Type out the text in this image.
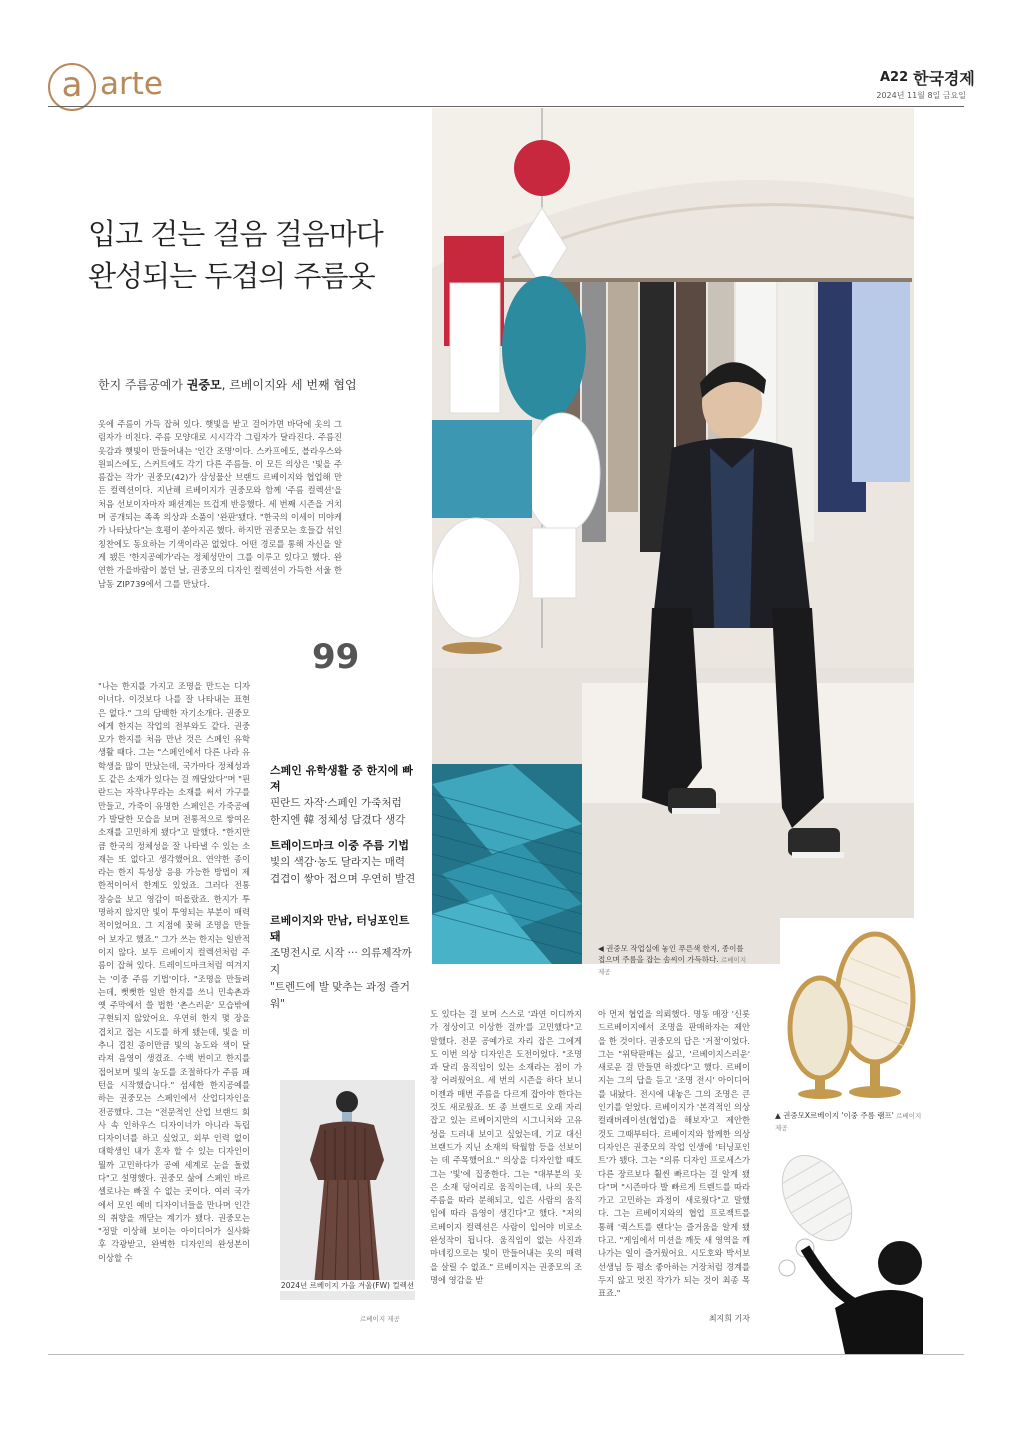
a arte	A22 한국경제
2024년 11월 8일 금요일
입고 걷는 걸음 걸음마다
완성되는 두겹의 주름옷
한지 주름공예가 권중모, 르베이지와 세 번째 협업
옷에 주름이 가득 잡혀 있다. 햇빛을 받고 걸어가면 바닥에 옷의 그림자가 비친다. 주름 모양대로 시시각각 그림자가 달라진다. 주름진 옷감과 햇빛이 만들어내는 '인간 조명'이다. 스카프에도, 블라우스와 원피스에도, 스커트에도 각기 다른 주름들. 이 모든 의상은 '빛을 주름잡는 작가' 권중모(42)가 삼성물산 브랜드 르베이지와 협업해 만든 컬렉션이다. 지난해 르베이지가 권중모와 함께 '주름 컬렉션'을 처음 선보이자마자 패션계는 뜨겁게 반응했다. 세 번째 시즌을 거치며 공개되는 족족 의상과 소품이 '완판'됐다. "한국의 이세이 미야케가 나타났다"는 호평이 쏟아지곤 했다. 하지만 권중모는 호들갑 섞인 칭찬에도 동요하는 기색이라곤 없었다. 어떤 경로를 통해 자신을 알게 됐든 '한지공예가'라는 정체성만이 그를 이루고 있다고 했다. 완연한 가을바람이 불던 날, 권중모의 디자인 컬렉션이 가득한 서울 한남동 ZIP739에서 그를 만났다.
99
스페인 유학생활 중 한지에 빠져
핀란드 자작·스페인 가죽처럼
한지엔 韓 정체성 담겼다 생각
트레이드마크 이중 주름 기법
빛의 색감·농도 달라지는 매력
겹겹이 쌓아 접으며 우연히 발견
르베이지와 만남, 터닝포인트 돼
조명전시로 시작 ··· 의류제작까지
"트렌드에 발 맞추는 과정 즐거워"
◀ 권중모 작업실에 놓인 푸른색 한지, 종이를 접으며 주름을 잡는 솜씨이 가득하다. 르베이지 제공
"나는 한지를 가지고 조명을 만드는 디자이너다. 이것보다 나를 잘 나타내는 표현은 없다." 그의 담백한 자기소개다. 권중모에게 한지는 작업의 전부와도 같다. 권중모가 한지를 처음 만난 것은 스페인 유학 생활 때다. 그는 "스페인에서 다른 나라 유학생을 많이 만났는데, 국가마다 정체성과도 같은 소재가 있다는 걸 깨달았다"며 "핀란드는 자작나무라는 소재를 써서 가구를 만들고, 가죽이 유명한 스페인은 가죽공예가 발달한 모습을 보며 전통적으로 쌓여온 소재를 고민하게 됐다"고 말했다. "한지만큼 한국의 정체성을 잘 나타낼 수 있는 소재는 또 없다고 생각했어요. 연약한 종이라는 한지 특성상 응용 가능한 방법이 제한적이어서 한계도 있었죠. 그러다 전통 장승을 보고 영감이 떠올랐죠. 한지가 투명하지 않지만 빛이 투영되는 부분이 매력적이었어요. 그 지점에 꽂혀 조명을 만들어 보자고 했죠." 그가 쓰는 한지는 일반적이지 않다. 보두 르베이지 컬렉션처럼 주름이 잡혀 있다. 트레이드마크처럼 여겨지는 '이중 주름 기법'이다. "조명을 만들려는데, 뻣뻣한 일반 한지를 쓰니 민속촌과 옛 주막에서 쓸 법한 '촌스러운' 모습밖에 구현되지 않았어요. 우연히 한지 몇 장을 겹치고 접는 시도를 하게 됐는데, 빛을 비추니 겹친 종이만큼 빛의 농도와 색이 달라져 음영이 생겼죠. 수백 번이고 한지를 접어보며 빛의 농도를 조절하다가 주름 패턴을 시작했습니다." 섬세한 한지공예를 하는 권중모는 스페인에서 산업디자인을 전공했다. 그는 "전문적인 산업 브랜드 회사 속 인하우스 디자이너가 아니라 독립 디자이너를 하고 싶었고, 외부 인력 없이 대학생인 내가 혼자 할 수 있는 디자인이 뭘까 고민하다가 공예 세계로 눈을 돌렸다"고 설명했다. 권중모 삶에 스페인 바르셀로나는 빠질 수 없는 곳이다. 여러 국가에서 모인 예비 디자이너들을 만나며 인간의 취향을 깨닫는 계기가 됐다. 권중모는 "정말 이상해 보이는 아이디어가 실사화 후 각광받고, 완벽한 디자인의 완성본이 이상할 수
도 있다는 걸 보며 스스로 '과연 이디까지가 정상이고 이상한 걸까'를 고민했다"고 말했다. 전문 공예가로 자리 잡은 그에게도 이번 의상 디자인은 도전이었다. "조명과 달리 움직임이 있는 소재라는 점이 가장 어려웠어요. 세 번의 시즌을 하다 보니 이젠과 매번 주름을 다르게 잡아야 한다는 것도 새로웠죠. 또 종 브랜드로 오래 자리 잡고 있는 르베이지만의 시그니처와 고유성을 드러내 보이고 싶었는데, 기교 대신 브랜드가 지닌 소재의 탁월함 등을 선보이는 데 주목했어요." 의상을 디자인할 때도 그는 '빛'에 집중한다. 그는 "대부분의 옷은 소재 덩어리로 움직이는데, 나의 옷은 주름을 따라 분해되고, 입은 사람의 움직임에 따라 음영이 생긴다"고 했다. "저의 르베이지 컬렉션은 사람이 입어야 비로소 완성작이 됩니다. 움직임이 없는 사진과 마네킹으로는 빛이 만들어내는 옷의 매력을 살릴 수 없죠." 르베이지는 권중모의 조명에 영감을 받
아 먼저 협업을 의뢰했다. 명동 매장 '신롯드르베이지에서 조명을 판매하자는 제안을 한 것이다. 권중모의 답은 '거절'이었다. 그는 "위탁판매는 싫고, '르베이지스러운' 새로운 걸 만들면 하겠다"고 했다. 르베이지는 그의 답을 듣고 '조명 전시' 아이디어를 내놨다. 전시에 내놓은 그의 조명은 큰 인기를 얻었다. 르베이지가 '본격적인 의상 컬래버레이션(협업)을 해보자'고 제안한 것도 그때부터다. 르베이지와 함께한 의상 디자인은 권중모의 작업 인생에 '터닝포인트'가 됐다. 그는 "의류 디자인 프로세스가 다른 장르보다 훨씬 빠르다는 걸 알게 됐다"며 "시즌마다 발 빠르게 트렌드를 따라가고 고민하는 과정이 새로웠다"고 말했다. 그는 르베이지와의 협업 프로젝트를 통해 '퀵스트를 랜다'는 즐거움을 알게 됐다고. "게임에서 미션을 깨듯 새 영역을 깨나가는 일이 즐거웠어요. 시도호와 박서보 선생님 등 평소 좋아하는 거장처럼 경계를 두지 않고 멋진 작가가 되는 것이 최종 목표죠."
최지희 기자
2024년 르베이지 가을 겨울(FW) 컬렉션
르베이지 제공
▲ 권중모X르베이지 '이중 주름 램프' 르베이지 제공
